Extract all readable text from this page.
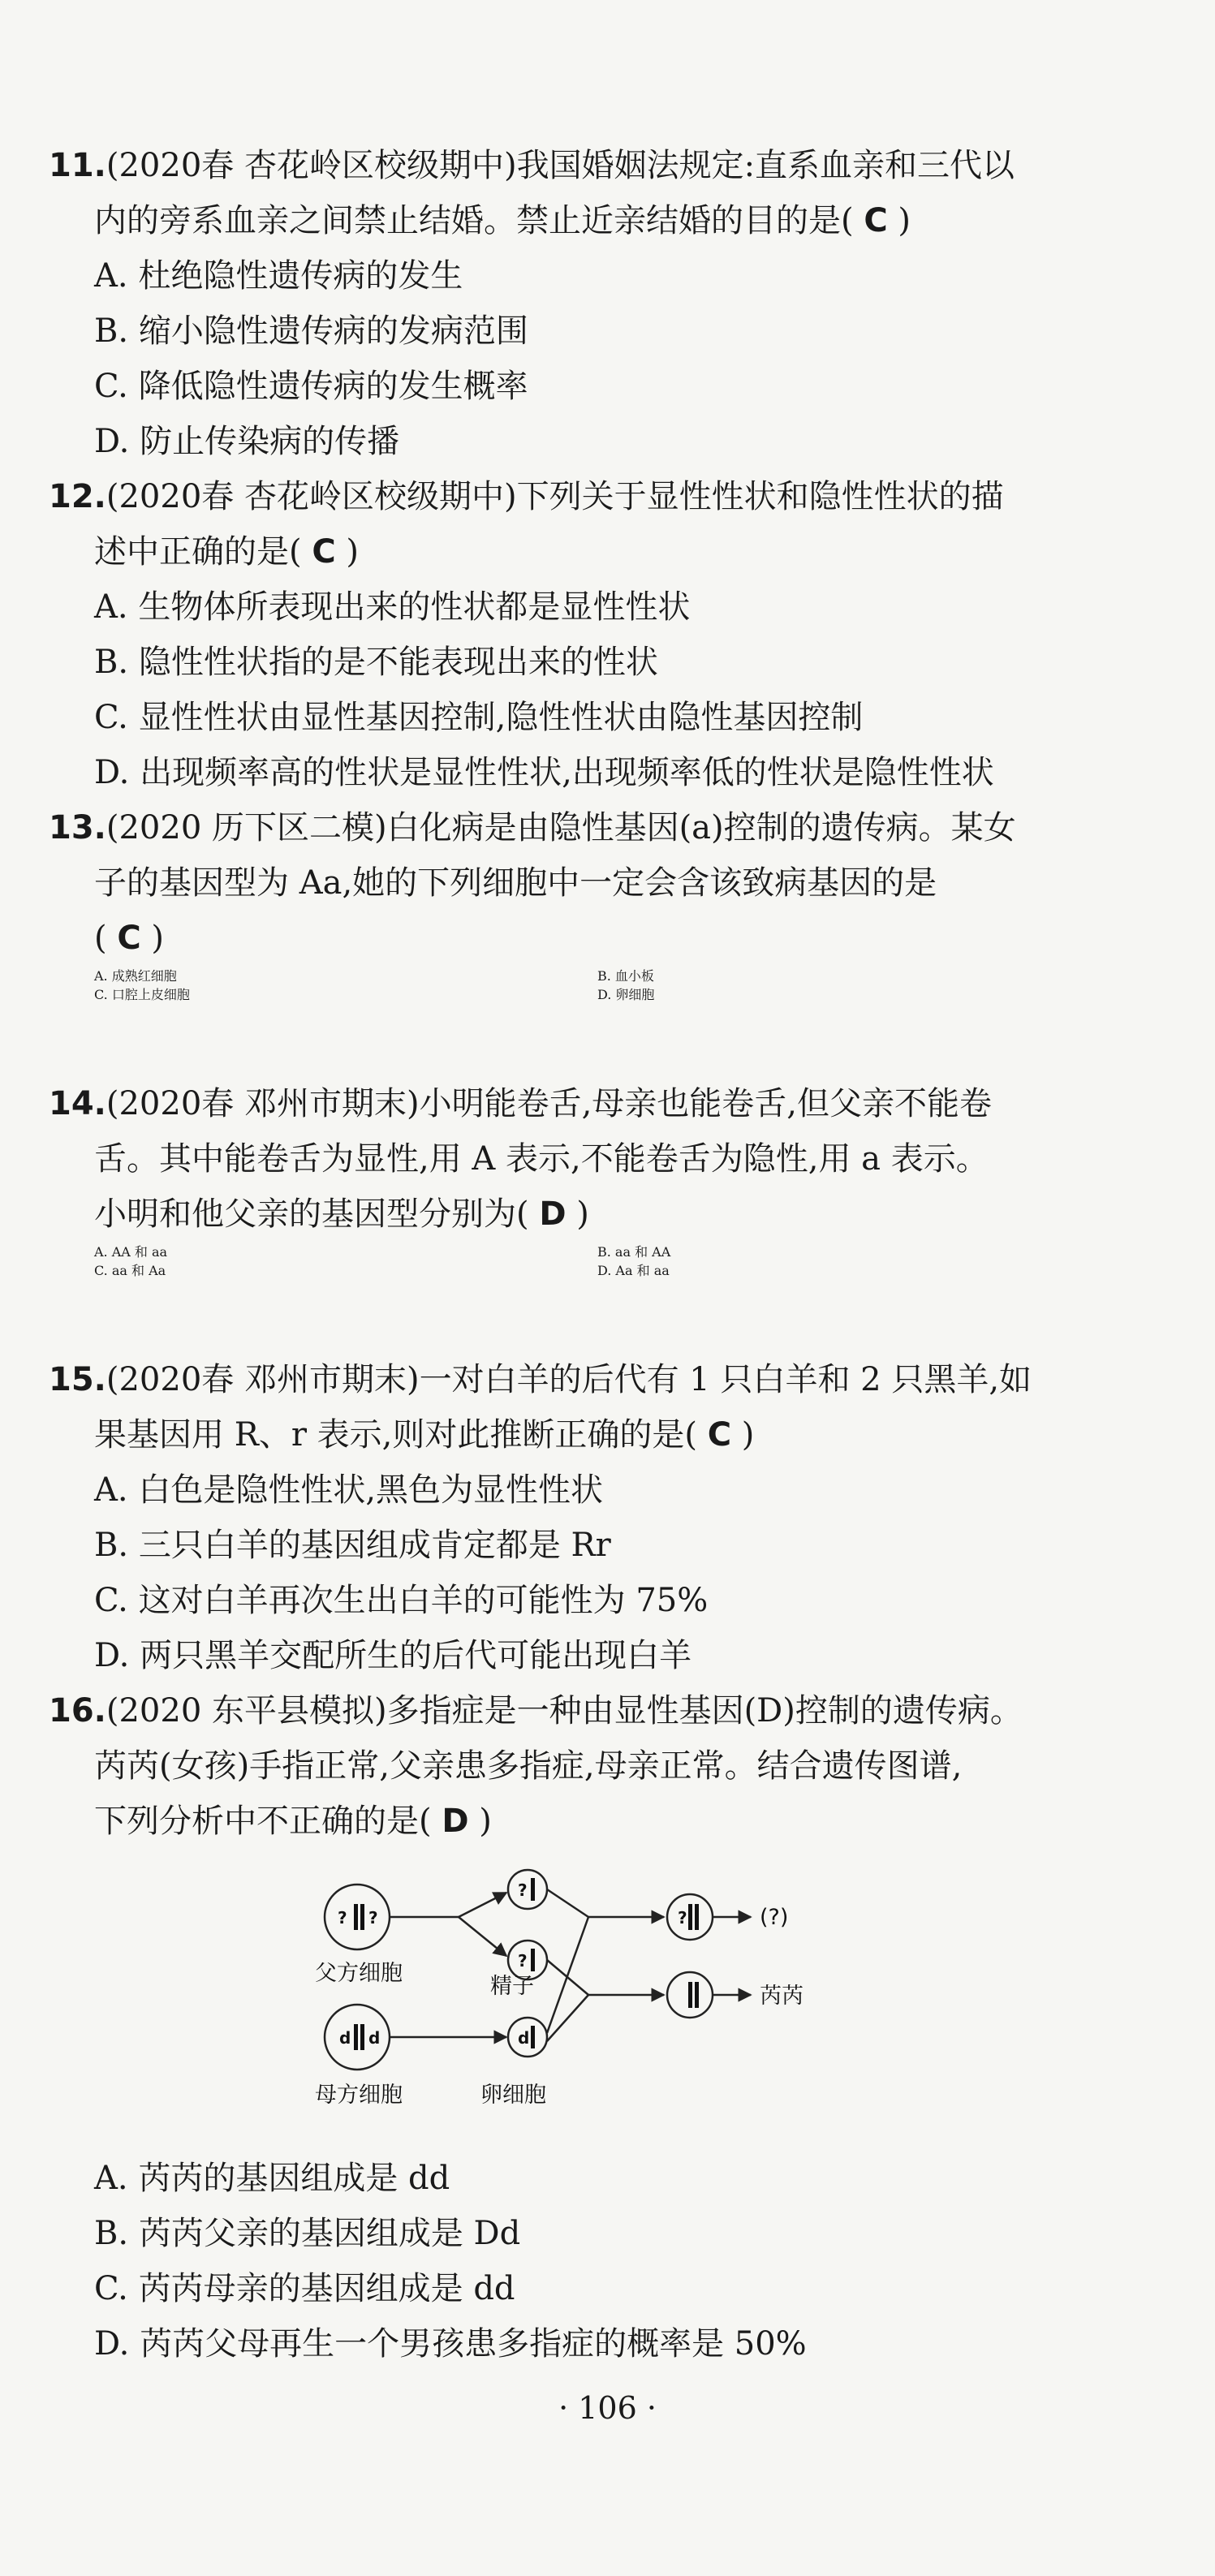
11.(2020春 杏花岭区校级期中)我国婚姻法规定:直系血亲和三代以
内的旁系血亲之间禁止结婚。禁止近亲结婚的目的是( C )
A. 杜绝隐性遗传病的发生
B. 缩小隐性遗传病的发病范围
C. 降低隐性遗传病的发生概率
D. 防止传染病的传播
12.(2020春 杏花岭区校级期中)下列关于显性性状和隐性性状的描
述中正确的是( C )
A. 生物体所表现出来的性状都是显性性状
B. 隐性性状指的是不能表现出来的性状
C. 显性性状由显性基因控制,隐性性状由隐性基因控制
D. 出现频率高的性状是显性性状,出现频率低的性状是隐性性状
13.(2020 历下区二模)白化病是由隐性基因(a)控制的遗传病。某女
子的基因型为 Aa,她的下列细胞中一定会含该致病基因的是
( C )
A. 成熟红细胞	B. 血小板
C. 口腔上皮细胞	D. 卵细胞
14.(2020春 邓州市期末)小明能卷舌,母亲也能卷舌,但父亲不能卷
舌。其中能卷舌为显性,用 A 表示,不能卷舌为隐性,用 a 表示。
小明和他父亲的基因型分别为( D )
A. AA 和 aa	B. aa 和 AA
C. aa 和 Aa	D. Aa 和 aa
15.(2020春 邓州市期末)一对白羊的后代有 1 只白羊和 2 只黑羊,如
果基因用 R、r 表示,则对此推断正确的是( C )
A. 白色是隐性性状,黑色为显性性状
B. 三只白羊的基因组成肯定都是 Rr
C. 这对白羊再次生出白羊的可能性为 75%
D. 两只黑羊交配所生的后代可能出现白羊
16.(2020 东平县模拟)多指症是一种由显性基因(D)控制的遗传病。
芮芮(女孩)手指正常,父亲患多指症,母亲正常。结合遗传图谱,
下列分析中不正确的是( D )
? ?
?
?
d d	d
?
父方细胞
精子
母方细胞	卵细胞
(?)
芮芮
A. 芮芮的基因组成是 dd
B. 芮芮父亲的基因组成是 Dd
C. 芮芮母亲的基因组成是 dd
D. 芮芮父母再生一个男孩患多指症的概率是 50%
· 106 ·
